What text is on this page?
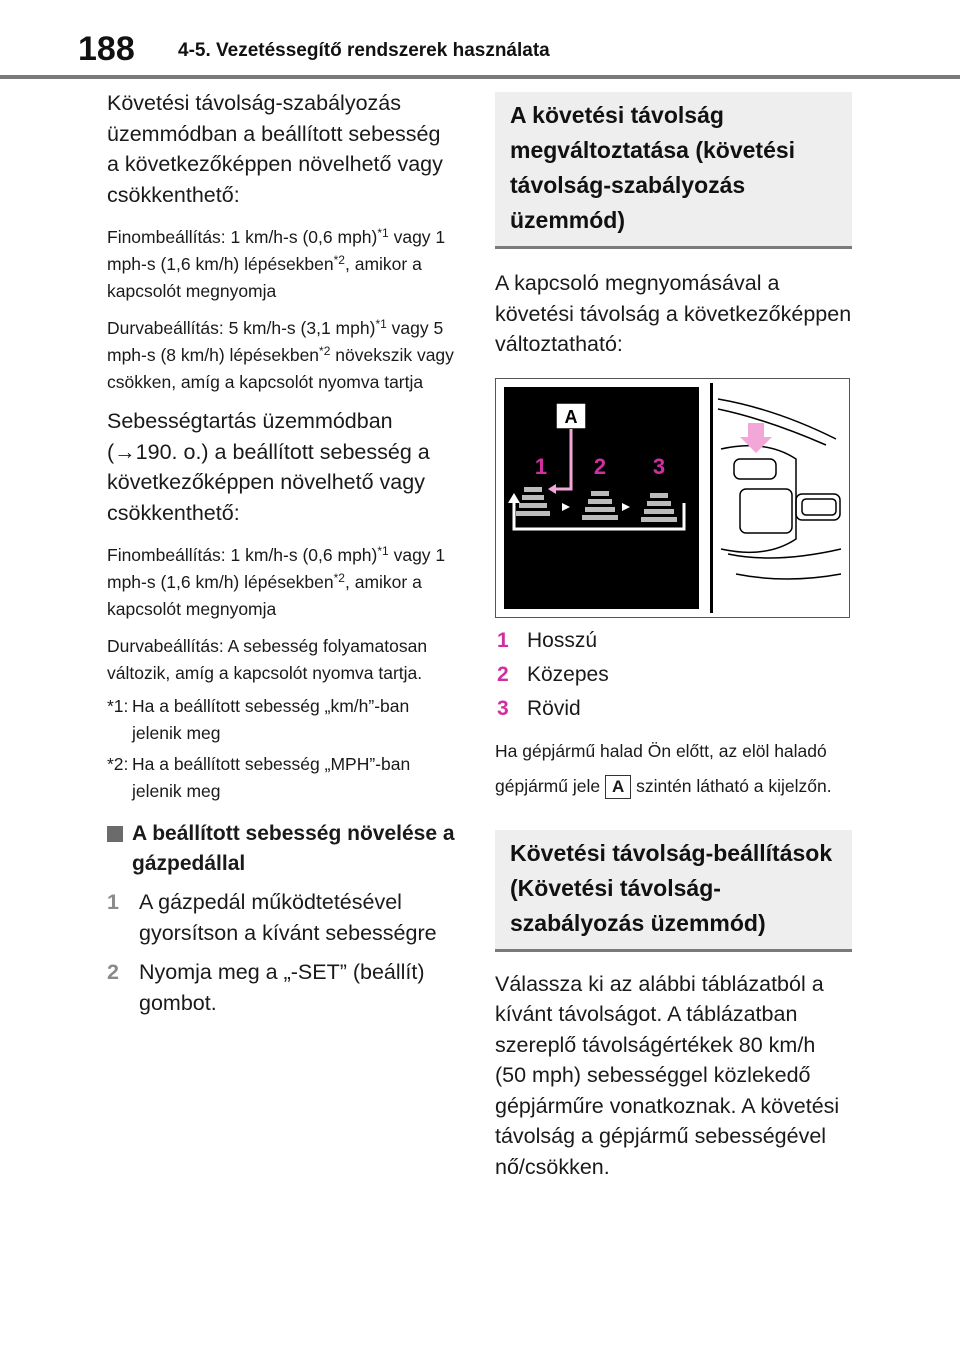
188 4-5. Vezetéssegítő rendszerek használata

Követési távolság-szabályozás üzemmódban a beállított sebesség a következőképpen növelhető vagy csökkenthető:

Finombeállítás: 1 km/h-s (0,6 mph)$^{*1}$ vagy 1 mph-s (1,6 km/h) lépésekben$^{*2}$, amikor a kapcsolót megnyomja

Durvabeállítás: 5 km/h-s (3,1 mph)$^{*1}$ vagy 5 mph-s (8 km/h) lépésekben$^{*2}$ növekszik vagy csökken, amíg a kapcsolót nyomva tartja

Sebességtartás üzemmódban (→190. o.) a beállított sebesség a következőképpen növelhető vagy csökkenthető:

Finombeállítás: 1 km/h-s (0,6 mph)$^{*1}$ vagy 1 mph-s (1,6 km/h) lépésekben$^{*2}$, amikor a kapcsolót megnyomja

Durvabeállítás: A sebesség folyamatosan változik, amíg a kapcsolót nyomva tartja.

*1: Ha a beállított sebesség „km/h”-ban jelenik meg
*2: Ha a beállított sebesség „MPH”-ban jelenik meg
A beállított sebesség növelése a gázpedállal
1 A gázpedál működtetésével gyorsítson a kívánt sebességre
2 Nyomja meg a „-SET” (beállít) gombot.
A követési távolság megváltoztatása (követési távolság-szabályozás üzemmód)

A kapcsoló megnyomásával a követési távolság a következőképpen változtatható:

A
1 2 3
1 Hosszú
2 Közepes
3 Rövid

Ha gépjármű halad Ön előtt, az elöl haladó gépjármű jele A szintén látható a kijelzőn.

Követési távolság-beállítások (Követési távolság-szabályozás üzemmód)

Válassza ki az alábbi táblázatból a kívánt távolságot. A táblázatban szereplő távolságértékek 80 km/h (50 mph) sebességgel közlekedő gépjárműre vonatkoznak. A követési távolság a gépjármű sebességével nő/csökken.
